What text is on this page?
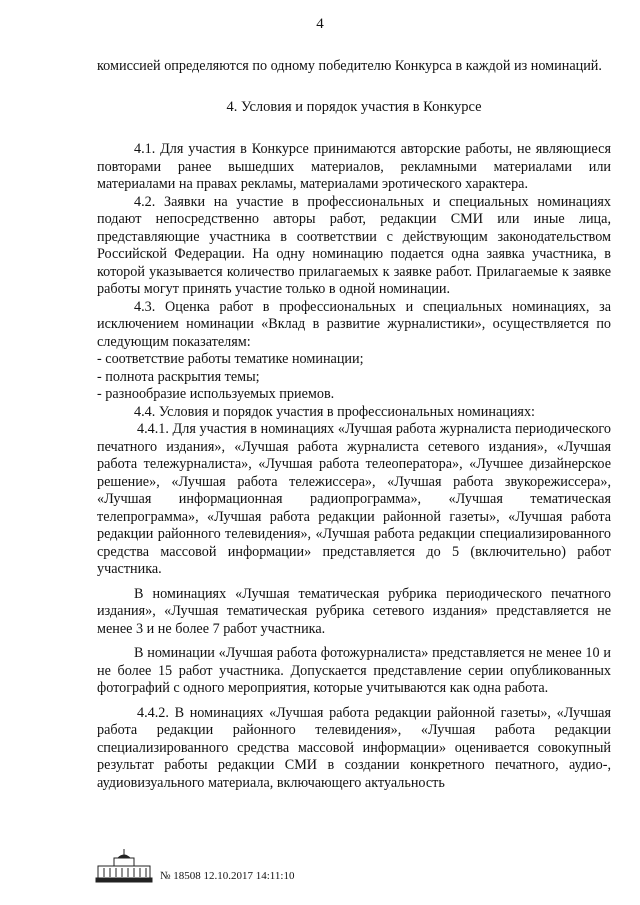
4

комиссией определяются по одному победителю Конкурса в каждой из номинаций.

4. Условия и порядок участия в Конкурсе

4.1. Для участия в Конкурсе принимаются авторские работы, не являющиеся повторами ранее вышедших материалов, рекламными материалами или материалами на правах рекламы, материалами эротического характера.

4.2. Заявки на участие в профессиональных и специальных номинациях подают непосредственно авторы работ, редакции СМИ или иные лица, представляющие участника в соответствии с действующим законодательством Российской Федерации. На одну номинацию подается одна заявка участника, в которой указывается количество прилагаемых к заявке работ. Прилагаемые к заявке работы могут принять участие только в одной номинации.

4.3. Оценка работ в профессиональных и специальных номинациях, за исключением номинации «Вклад в развитие журналистики», осуществляется по следующим показателям:

- соответствие работы тематике номинации;

- полнота раскрытия темы;

- разнообразие используемых приемов.

4.4. Условия и порядок участия в профессиональных номинациях:

4.4.1. Для участия в номинациях «Лучшая работа журналиста периодического печатного издания», «Лучшая работа журналиста сетевого издания», «Лучшая работа тележурналиста», «Лучшая работа телеоператора», «Лучшее дизайнерское решение», «Лучшая работа тележиссера», «Лучшая работа звукорежиссера», «Лучшая информационная радиопрограмма», «Лучшая тематическая телепрограмма», «Лучшая работа редакции районной газеты», «Лучшая работа редакции районного телевидения», «Лучшая работа редакции специализированного средства массовой информации» представляется до 5 (включительно) работ участника.

В номинациях «Лучшая тематическая рубрика периодического печатного издания», «Лучшая тематическая рубрика сетевого издания» представляется не менее 3 и не более 7 работ участника.

В номинации «Лучшая работа фотожурналиста» представляется не менее 10 и не более 15 работ участника. Допускается представление серии опубликованных фотографий с одного мероприятия, которые учитываются как одна работа.

4.4.2. В номинациях «Лучшая работа редакции районной газеты», «Лучшая работа редакции районного телевидения», «Лучшая работа редакции специализированного средства массовой информации» оценивается совокупный результат работы редакции СМИ в создании конкретного печатного, аудио-, аудиовизуального материала, включающего актуальность

№ 18508 12.10.2017 14:11:10
